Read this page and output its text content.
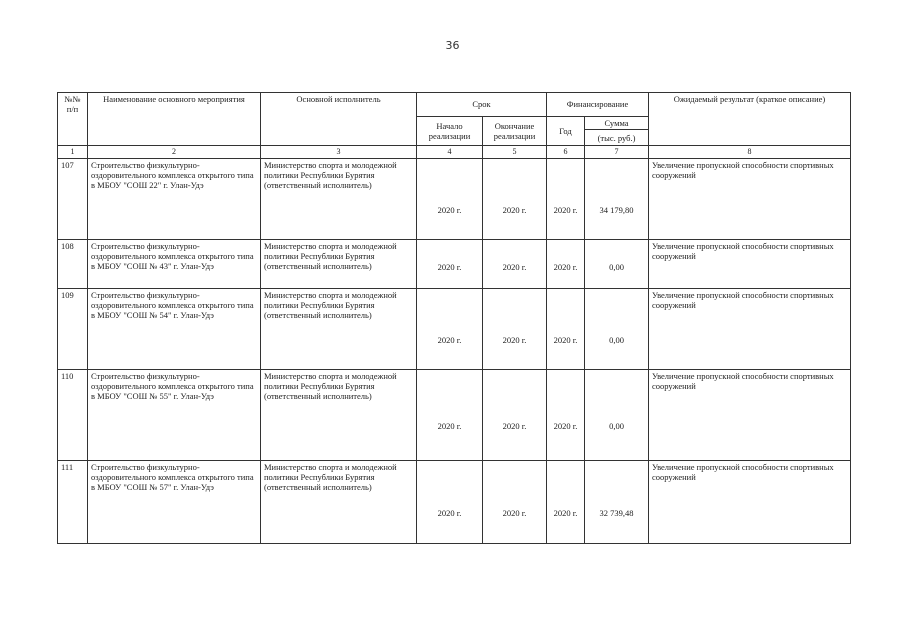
36
№№ п/п	Наименование основного мероприятия	Основной исполнитель	Срок		Финансирование		Ожидаемый результат (краткое описание)
			Начало реализации	Окончание реализации	Год	Сумма	
						(тыс. руб.)	
1	2	3	4	5	6	7	8
107	Строительство физкультурно-оздоровительного комплекса открытого типа в МБОУ "СОШ 22" г. Улан-Удэ	Министерство спорта и молодежной политики Республики Бурятия (ответственный исполнитель)	2020 г.	2020 г.	2020 г.	34 179,80	Увеличение пропускной способности спортивных сооружений
108	Строительство физкультурно-оздоровительного комплекса открытого типа в МБОУ "СОШ № 43" г. Улан-Удэ	Министерство спорта и молодежной политики Республики Бурятия (ответственный исполнитель)	2020 г.	2020 г.	2020 г.	0,00	Увеличение пропускной способности спортивных сооружений
109	Строительство физкультурно-оздоровительного комплекса открытого типа в МБОУ "СОШ № 54" г. Улан-Удэ	Министерство спорта и молодежной политики Республики Бурятия (ответственный исполнитель)	2020 г.	2020 г.	2020 г.	0,00	Увеличение пропускной способности спортивных сооружений
110	Строительство физкультурно-оздоровительного комплекса открытого типа в МБОУ "СОШ № 55" г. Улан-Удэ	Министерство спорта и молодежной политики Республики Бурятия (ответственный исполнитель)	2020 г.	2020 г.	2020 г.	0,00	Увеличение пропускной способности спортивных сооружений
111	Строительство физкультурно-оздоровительного комплекса открытого типа в МБОУ "СОШ № 57" г. Улан-Удэ	Министерство спорта и молодежной политики Республики Бурятия (ответственный исполнитель)	2020 г.	2020 г.	2020 г.	32 739,48	Увеличение пропускной способности спортивных сооружений
